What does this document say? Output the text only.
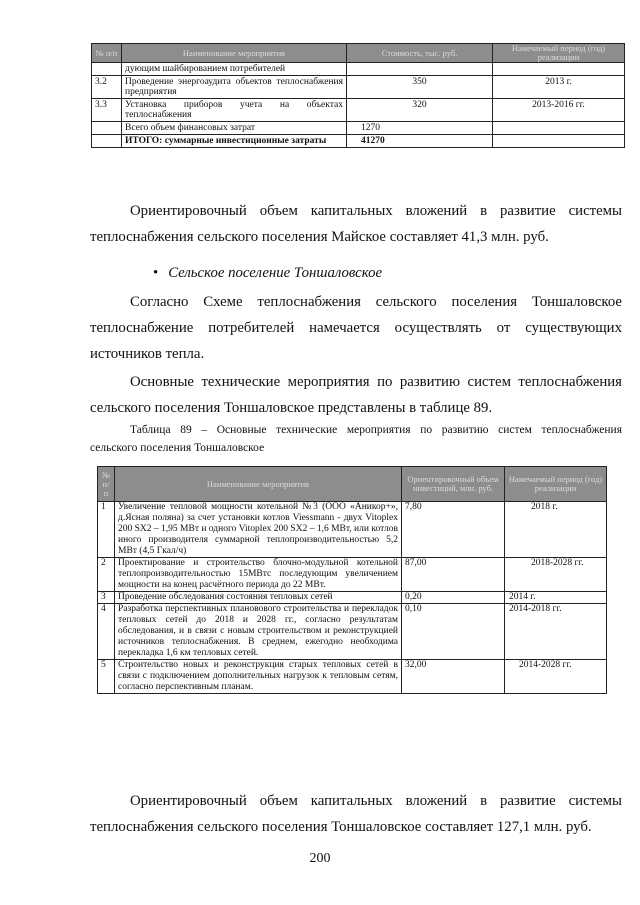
№ п/п	Наименование мероприятия	Стоимость, тыс. руб.	Намечаемый период (год) реализации
	дующим шайбированием потребителей		
3.2	Проведение энергоаудита объектов теплоснабжения предприятия	350	2013 г.
3.3	Установка приборов учета на объектах теплоснабжения	320	2013-2016 гг.
	Всего объем финансовых затрат	1270	
	ИТОГО: суммарные инвестиционные затраты	41270	

Ориентировочный объем капитальных вложений в развитие системы теплоснабжения сельского поселения Майское составляет 41,3 млн. руб.

• Сельское поселение Тоншаловское

Согласно Схеме теплоснабжения сельского поселения Тоншаловское теплоснабжение потребителей намечается осуществлять от существующих источников тепла.

Основные технические мероприятия по развитию систем теплоснабжения сельского поселения Тоншаловское представлены в таблице 89.

Таблица 89 – Основные технические мероприятия по развитию систем теплоснабжения
сельского поселения Тоншаловское
№ п/п	Наименование мероприятия	Ориентировочный объем инвестиций, млн. руб.	Намечаемый период (год) реализации
1	Увеличение тепловой мощности котельной №3 (ООО «Аникор+», д.Ясная поляна) за счет установки котлов Viessmann - двух Vitoplex 200 SX2 – 1,95 МВт и одного Vitoplex 200 SX2 – 1,6 МВт, или котлов иного производителя суммарной теплопроизводительностью 5,2 МВт (4,5 Гкал/ч)	7,80	2018 г.
2	Проектирование и строительство блочно-модульной котельной теплопроизводительностью 15МВтс последующим увеличением мощности на конец расчётного периода до 22 МВт.	87,00	2018-2028 гг.
3	Проведение обследования состояния тепловых сетей	0,20	2014 г.
4	Разработка перспективных плановового строительства и перекладок тепловых сетей до 2018 и 2028 гг., согласно результатам обследования, и в связи с новым строительством и реконструкцией источников теплоснабжения. В среднем, ежегодно необходима перекладка 1,6 км тепловых сетей.	0,10	2014-2018 гг.
5	Строительство новых и реконструкция старых тепловых сетей в связи с подключением дополнительных нагрузок к тепловым сетям, согласно перспективным планам.	32,00	2014-2028 гг.

Ориентировочный объем капитальных вложений в развитие системы теплоснабжения сельского поселения Тоншаловское составляет 127,1 млн. руб.

200
